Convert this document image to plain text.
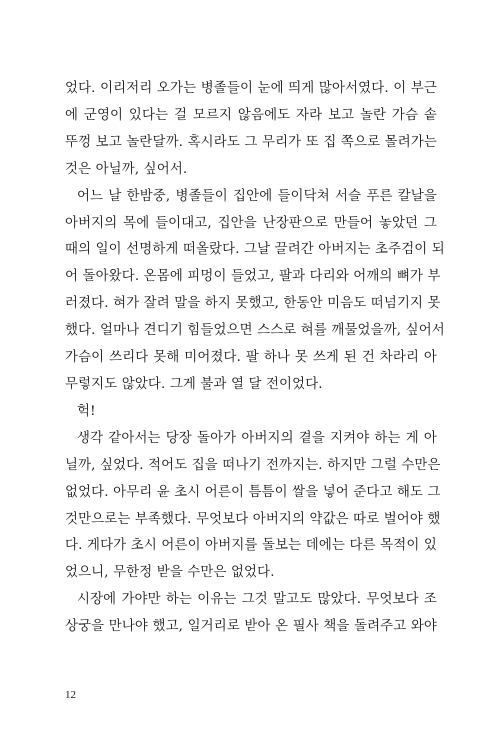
었다. 이리저리 오가는 병졸들이 눈에 띄게 많아서였다. 이 부근
에 군영이 있다는 걸 모르지 않음에도 자라 보고 놀란 가슴 솥
뚜껑 보고 놀란달까. 혹시라도 그 무리가 또 집 쪽으로 몰려가는
것은 아닐까, 싶어서.
어느 날 한밤중, 병졸들이 집안에 들이닥쳐 서슬 푸른 칼날을
아버지의 목에 들이대고, 집안을 난장판으로 만들어 놓았던 그
때의 일이 선명하게 떠올랐다. 그날 끌려간 아버지는 초주검이 되
어 돌아왔다. 온몸에 피멍이 들었고, 팔과 다리와 어깨의 뼈가 부
러졌다. 혀가 잘려 말을 하지 못했고, 한동안 미음도 떠넘기지 못
했다. 얼마나 견디기 힘들었으면 스스로 혀를 깨물었을까, 싶어서
가슴이 쓰리다 못해 미어졌다. 팔 하나 못 쓰게 된 건 차라리 아
무렇지도 않았다. 그게 불과 열 달 전이었다.
헉!
생각 같아서는 당장 돌아가 아버지의 곁을 지켜야 하는 게 아
닐까, 싶었다. 적어도 집을 떠나기 전까지는. 하지만 그럴 수만은
없었다. 아무리 윤 초시 어른이 틈틈이 쌀을 넣어 준다고 해도 그
것만으로는 부족했다. 무엇보다 아버지의 약값은 따로 벌어야 했
다. 게다가 초시 어른이 아버지를 돌보는 데에는 다른 목적이 있
었으니, 무한정 받을 수만은 없었다.
시장에 가야만 하는 이유는 그것 말고도 많았다. 무엇보다 조
상궁을 만나야 했고, 일거리로 받아 온 필사 책을 돌려주고 와야
12
